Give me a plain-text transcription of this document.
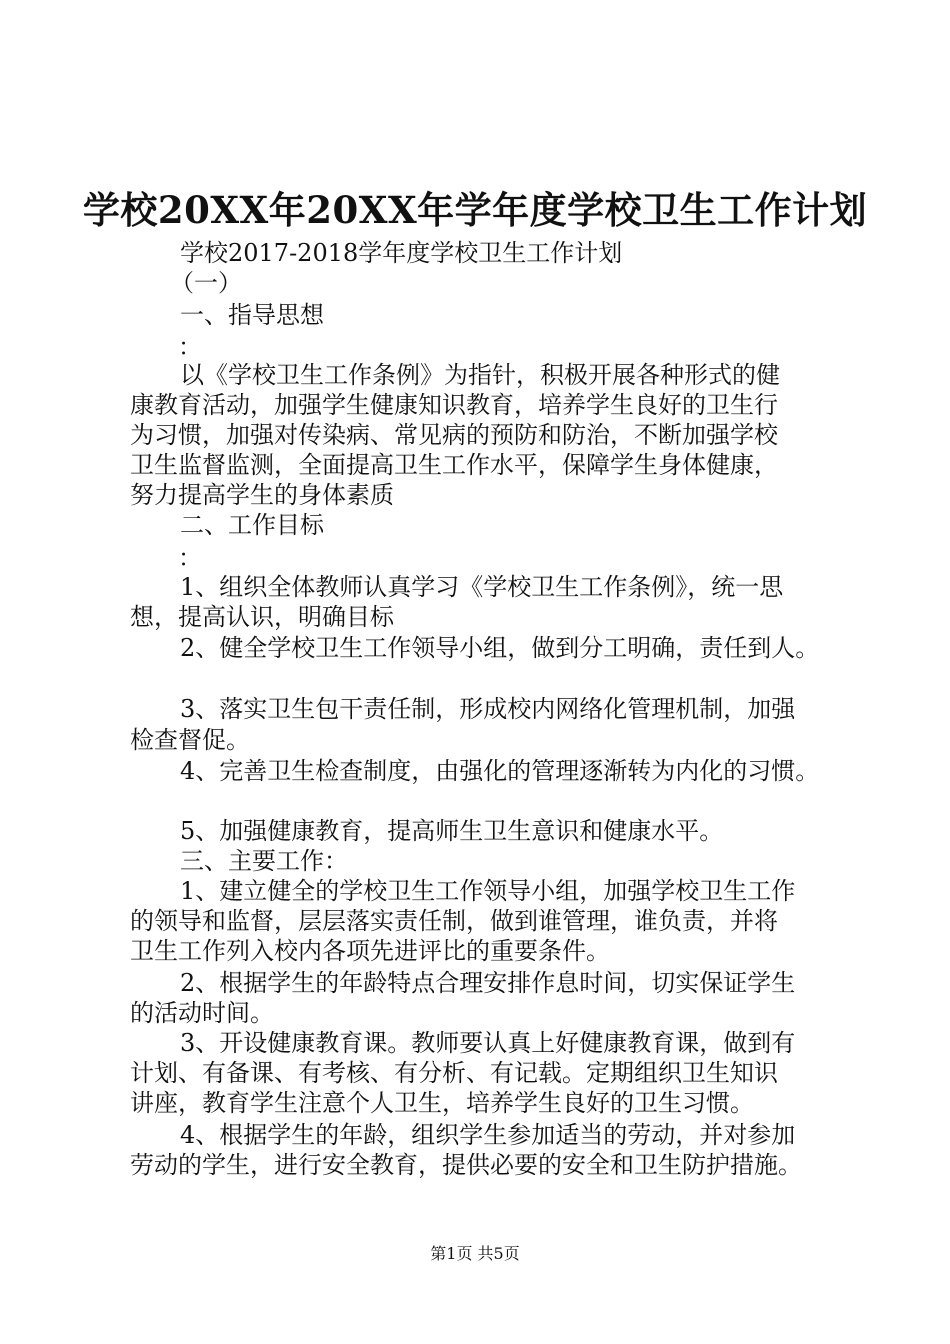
学校20XX年20XX年学年度学校卫生工作计划
学校2017-2018学年度学校卫生工作计划
（一）
一、指导思想
：
以《学校卫生工作条例》为指针，积极开展各种形式的健
康教育活动，加强学生健康知识教育，培养学生良好的卫生行
为习惯，加强对传染病、常见病的预防和防治，不断加强学校
卫生监督监测，全面提高卫生工作水平，保障学生身体健康，
努力提高学生的身体素质
二、工作目标
：
1、组织全体教师认真学习《学校卫生工作条例》，统一思
想，提高认识，明确目标
2、健全学校卫生工作领导小组，做到分工明确，责任到人。
3、落实卫生包干责任制，形成校内网络化管理机制，加强
检查督促。
4、完善卫生检查制度，由强化的管理逐渐转为内化的习惯。
5、加强健康教育，提高师生卫生意识和健康水平。
三、主要工作：
1、建立健全的学校卫生工作领导小组，加强学校卫生工作
的领导和监督，层层落实责任制，做到谁管理，谁负责，并将
卫生工作列入校内各项先进评比的重要条件。
2、根据学生的年龄特点合理安排作息时间，切实保证学生
的活动时间。
3、开设健康教育课。教师要认真上好健康教育课，做到有
计划、有备课、有考核、有分析、有记载。定期组织卫生知识
讲座，教育学生注意个人卫生，培养学生良好的卫生习惯。
4、根据学生的年龄，组织学生参加适当的劳动，并对参加
劳动的学生，进行安全教育，提供必要的安全和卫生防护措施。
第1页 共5页
